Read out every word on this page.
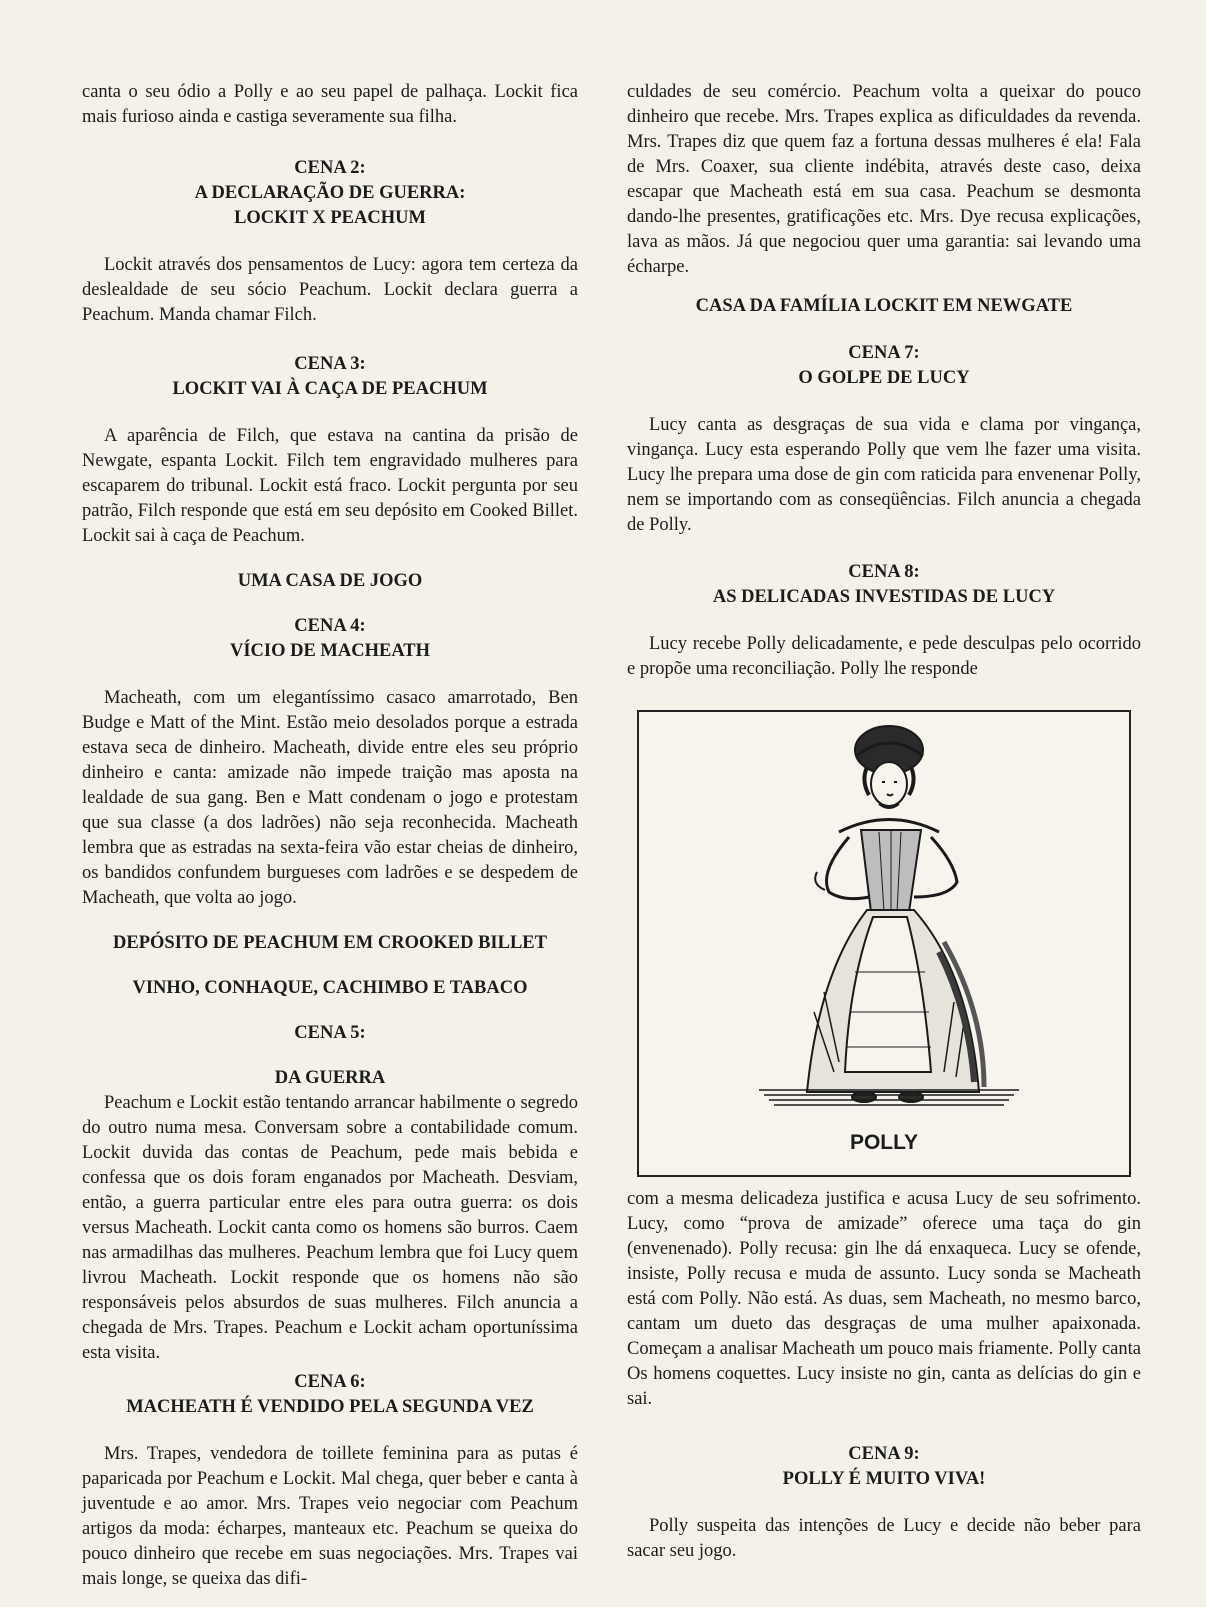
canta o seu ódio a Polly e ao seu papel de palhaça. Lockit fica mais furioso ainda e castiga severamente sua filha.

CENA 2:
A DECLARAÇÃO DE GUERRA:
LOCKIT X PEACHUM

Lockit através dos pensamentos de Lucy: agora tem certeza da deslealdade de seu sócio Peachum. Lockit declara guerra a Peachum. Manda chamar Filch.

CENA 3:
LOCKIT VAI À CAÇA DE PEACHUM

A aparência de Filch, que estava na cantina da prisão de Newgate, espanta Lockit. Filch tem engravidado mulheres para escaparem do tribunal. Lockit está fraco. Lockit pergunta por seu patrão, Filch responde que está em seu depósito em Cooked Billet. Lockit sai à caça de Peachum.

UMA CASA DE JOGO
CENA 4:
VÍCIO DE MACHEATH

Macheath, com um elegantíssimo casaco amarrotado, Ben Budge e Matt of the Mint. Estão meio desolados porque a estrada estava seca de dinheiro. Macheath, divide entre eles seu próprio dinheiro e canta: amizade não impede traição mas aposta na lealdade de sua gang. Ben e Matt condenam o jogo e protestam que sua classe (a dos ladrões) não seja reconhecida. Macheath lembra que as estradas na sexta-feira vão estar cheias de dinheiro, os bandidos confundem burgueses com ladrões e se despedem de Macheath, que volta ao jogo.

DEPÓSITO DE PEACHUM EM CROOKED BILLET
VINHO, CONHAQUE, CACHIMBO E TABACO
CENA 5:
DA GUERRA

Peachum e Lockit estão tentando arrancar habilmente o segredo do outro numa mesa. Conversam sobre a contabilidade comum. Lockit duvida das contas de Peachum, pede mais bebida e confessa que os dois foram enganados por Macheath. Desviam, então, a guerra particular entre eles para outra guerra: os dois versus Macheath. Lockit canta como os homens são burros. Caem nas armadilhas das mulheres. Peachum lembra que foi Lucy quem livrou Macheath. Lockit responde que os homens não são responsáveis pelos absurdos de suas mulheres. Filch anuncia a chegada de Mrs. Trapes. Peachum e Lockit acham oportuníssima esta visita.

CENA 6:
MACHEATH É VENDIDO PELA SEGUNDA VEZ

Mrs. Trapes, vendedora de toillete feminina para as putas é paparicada por Peachum e Lockit. Mal chega, quer beber e canta à juventude e ao amor. Mrs. Trapes veio negociar com Peachum artigos da moda: écharpes, manteaux etc. Peachum se queixa do pouco dinheiro que recebe em suas negociações. Mrs. Trapes vai mais longe, se queixa das difi-

culdades de seu comércio. Peachum volta a queixar do pouco dinheiro que recebe. Mrs. Trapes explica as dificuldades da revenda. Mrs. Trapes diz que quem faz a fortuna dessas mulheres é ela! Fala de Mrs. Coaxer, sua cliente indébita, através deste caso, deixa escapar que Macheath está em sua casa. Peachum se desmonta dando-lhe presentes, gratificações etc. Mrs. Dye recusa explicações, lava as mãos. Já que negociou quer uma garantia: sai levando uma écharpe.

CASA DA FAMÍLIA LOCKIT EM NEWGATE
CENA 7:
O GOLPE DE LUCY

Lucy canta as desgraças de sua vida e clama por vingança, vingança. Lucy esta esperando Polly que vem lhe fazer uma visita. Lucy lhe prepara uma dose de gin com raticida para envenenar Polly, nem se importando com as conseqüências. Filch anuncia a chegada de Polly.

CENA 8:
AS DELICADAS INVESTIDAS DE LUCY

Lucy recebe Polly delicadamente, e pede desculpas pelo ocorrido e propõe uma reconciliação. Polly lhe responde

POLLY

com a mesma delicadeza justifica e acusa Lucy de seu sofrimento. Lucy, como “prova de amizade” oferece uma taça do gin (envenenado). Polly recusa: gin lhe dá enxaqueca. Lucy se ofende, insiste, Polly recusa e muda de assunto. Lucy sonda se Macheath está com Polly. Não está. As duas, sem Macheath, no mesmo barco, cantam um dueto das desgraças de uma mulher apaixonada. Começam a analisar Macheath um pouco mais friamente. Polly canta Os homens coquettes. Lucy insiste no gin, canta as delícias do gin e sai.

CENA 9:
POLLY É MUITO VIVA!

Polly suspeita das intenções de Lucy e decide não beber para sacar seu jogo.
